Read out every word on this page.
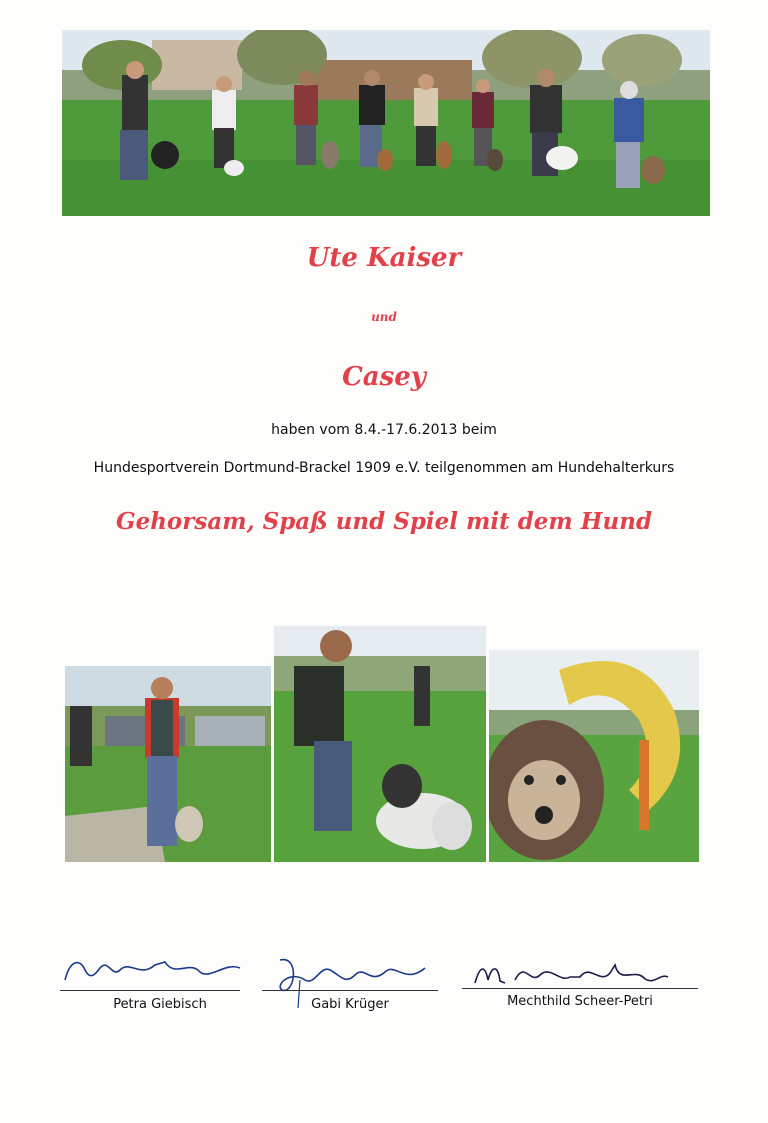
Ute Kaiser
und
Casey
haben vom 8.4.-17.6.2013 beim
Hundesportverein Dortmund-Brackel 1909 e.V. teilgenommen am Hundehalterkurs
Gehorsam, Spaß und Spiel mit dem Hund
Petra Giebisch	Gabi Krüger	Mechthild Scheer-Petri
